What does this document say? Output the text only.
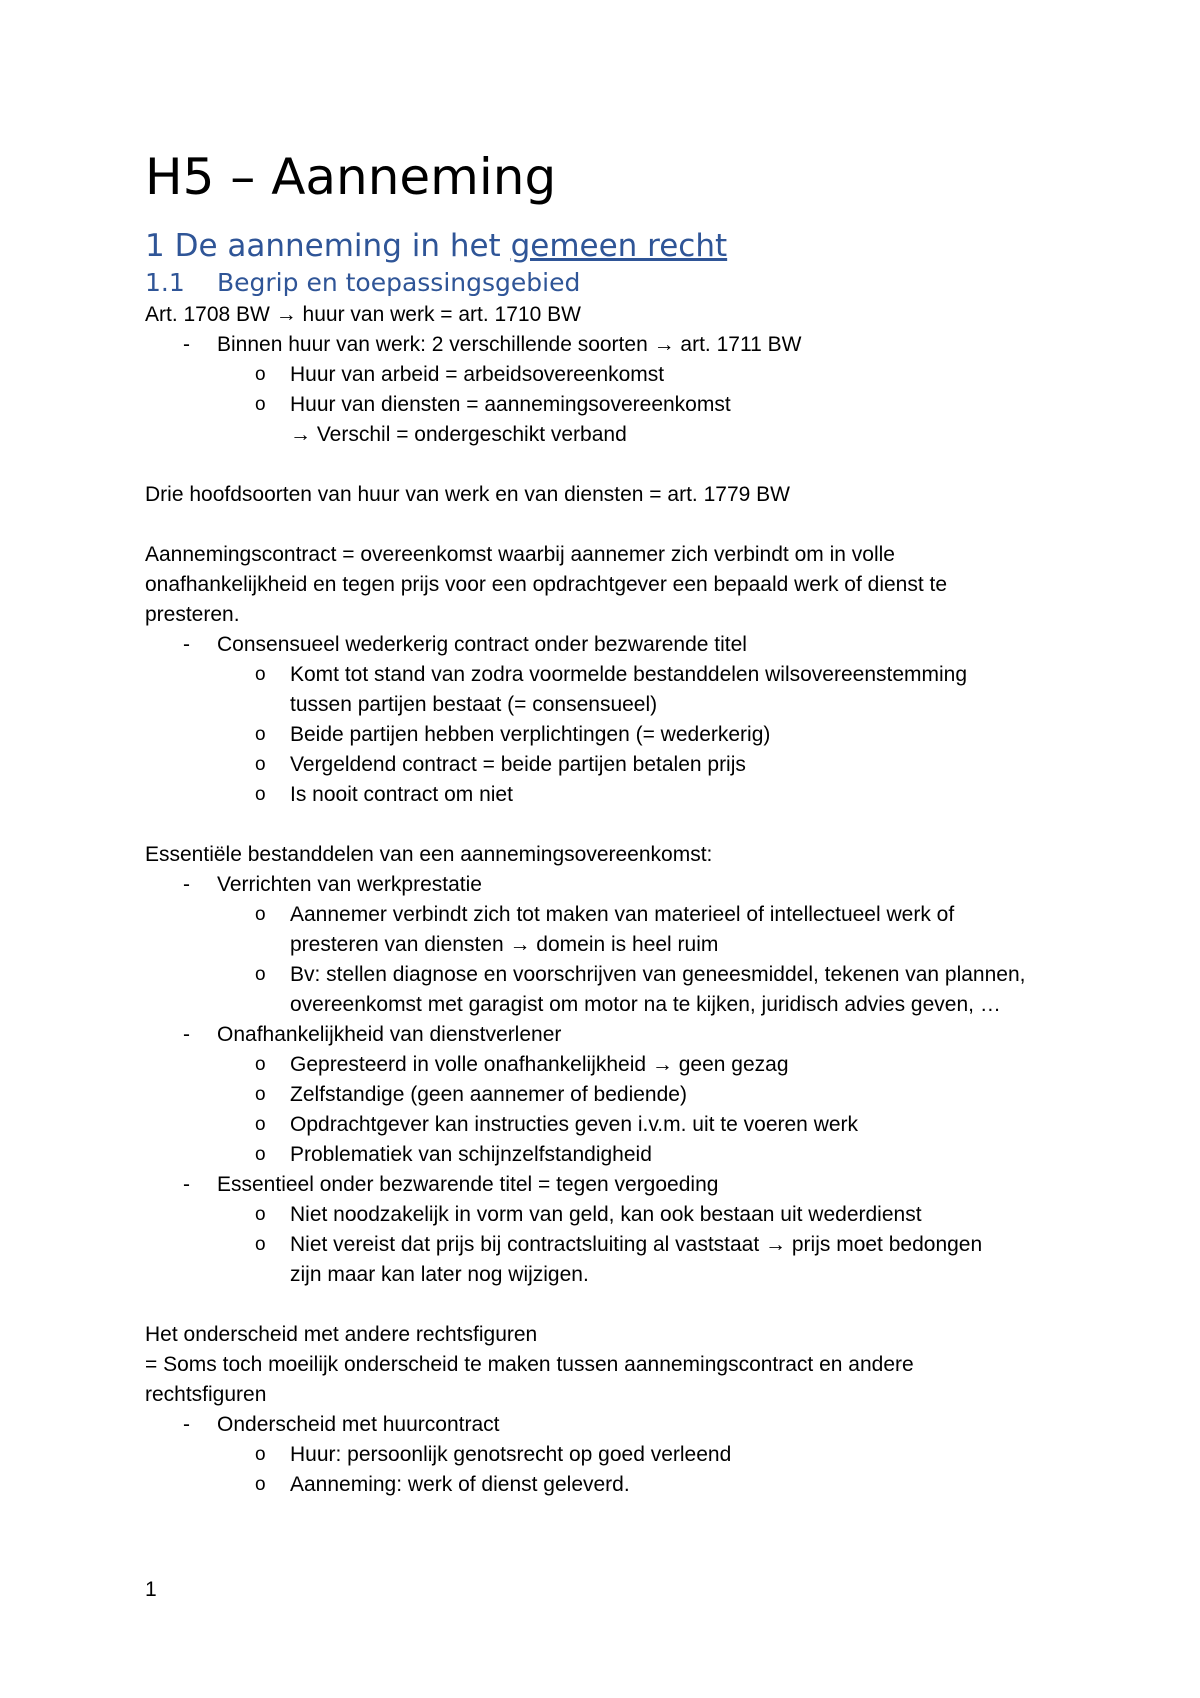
H5 – Aanneming
1 De aanneming in het gemeen recht
1.1 Begrip en toepassingsgebied
Art. 1708 BW → huur van werk = art. 1710 BW
- Binnen huur van werk: 2 verschillende soorten → art. 1711 BW
o Huur van arbeid = arbeidsovereenkomst
o Huur van diensten = aannemingsovereenkomst
→ Verschil = ondergeschikt verband
Drie hoofdsoorten van huur van werk en van diensten = art. 1779 BW
Aannemingscontract = overeenkomst waarbij aannemer zich verbindt om in volle
onafhankelijkheid en tegen prijs voor een opdrachtgever een bepaald werk of dienst te
presteren.
- Consensueel wederkerig contract onder bezwarende titel
o Komt tot stand van zodra voormelde bestanddelen wilsovereenstemming
tussen partijen bestaat (= consensueel)
o Beide partijen hebben verplichtingen (= wederkerig)
o Vergeldend contract = beide partijen betalen prijs
o Is nooit contract om niet
Essentiële bestanddelen van een aannemingsovereenkomst:
- Verrichten van werkprestatie
o Aannemer verbindt zich tot maken van materieel of intellectueel werk of
presteren van diensten → domein is heel ruim
o Bv: stellen diagnose en voorschrijven van geneesmiddel, tekenen van plannen,
overeenkomst met garagist om motor na te kijken, juridisch advies geven, …
- Onafhankelijkheid van dienstverlener
o Gepresteerd in volle onafhankelijkheid → geen gezag
o Zelfstandige (geen aannemer of bediende)
o Opdrachtgever kan instructies geven i.v.m. uit te voeren werk
o Problematiek van schijnzelfstandigheid
- Essentieel onder bezwarende titel = tegen vergoeding
o Niet noodzakelijk in vorm van geld, kan ook bestaan uit wederdienst
o Niet vereist dat prijs bij contractsluiting al vaststaat → prijs moet bedongen
zijn maar kan later nog wijzigen.
Het onderscheid met andere rechtsfiguren
= Soms toch moeilijk onderscheid te maken tussen aannemingscontract en andere
rechtsfiguren
- Onderscheid met huurcontract
o Huur: persoonlijk genotsrecht op goed verleend
o Aanneming: werk of dienst geleverd.
1
